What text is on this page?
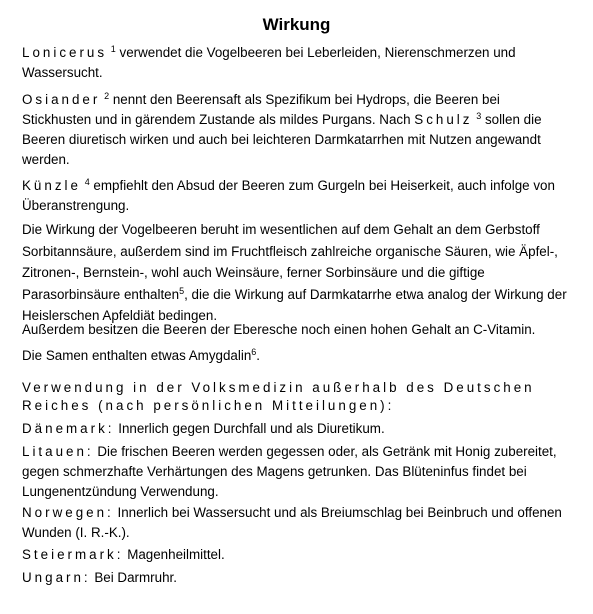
Wirkung

Lonicerus $^1$ verwendet die Vogelbeeren bei Leberleiden, Nierenschmerzen und Wassersucht.

Osiander $^2$ nennt den Beerensaft als Spezifikum bei Hydrops, die Beeren bei Stickhusten und in gärendem Zustande als mildes Purgans. Nach Schulz $^3$ sollen die Beeren diuretisch wirken und auch bei leichteren Darmkatarrhen mit Nutzen angewandt werden.

Künzle $^4$ empfiehlt den Absud der Beeren zum Gurgeln bei Heiserkeit, auch infolge von Überanstrengung.

Die Wirkung der Vogelbeeren beruht im wesentlichen auf dem Gehalt an dem Gerbstoff Sorbitannsäure, außerdem sind im Fruchtfleisch zahlreiche organische Säuren, wie Äpfel-, Zitronen-, Bernstein-, wohl auch Weinsäure, ferner Sorbinsäure und die giftige Parasorbinsäure enthalten$^5$, die die Wirkung auf Darmkatarrhe etwa analog der Wirkung der Heislerschen Apfeldiät bedingen.

Außerdem besitzen die Beeren der Eberesche noch einen hohen Gehalt an C-Vitamin.

Die Samen enthalten etwas Amygdalin$^6$.

Verwendung in der Volksmedizin außerhalb des Deutschen Reiches (nach persönlichen Mitteilungen):

Dänemark: Innerlich gegen Durchfall und als Diuretikum.

Litauen: Die frischen Beeren werden gegessen oder, als Getränk mit Honig zubereitet, gegen schmerzhafte Verhärtungen des Magens getrunken. Das Blüteninfus findet bei Lungenentzündung Verwendung.

Norwegen: Innerlich bei Wassersucht und als Breiumschlag bei Beinbruch und offenen Wunden (I. R.-K.).

Steiermark: Magenheilmittel.

Ungarn: Bei Darmruhr.
